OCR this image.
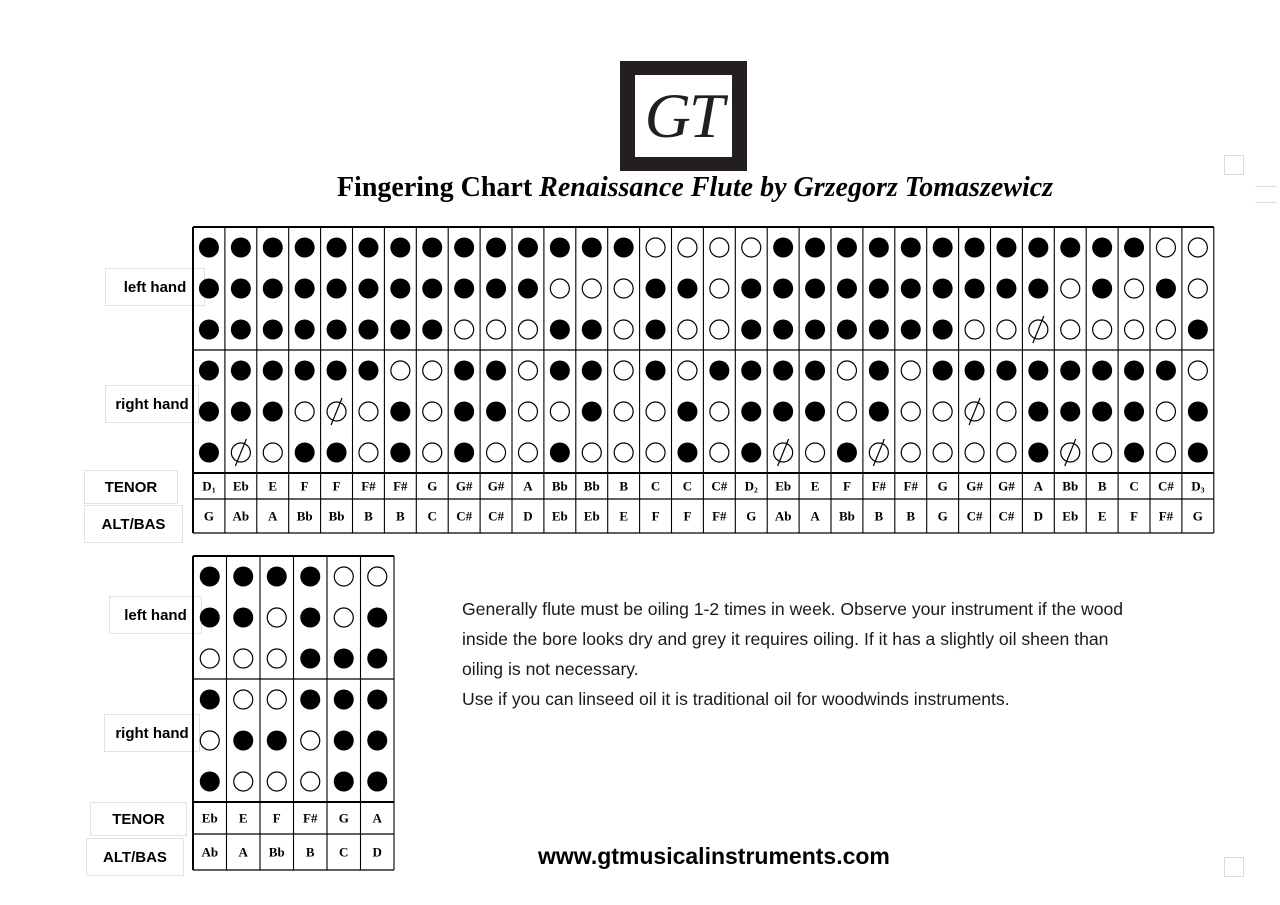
GT
Fingering Chart Renaissance Flute by Grzegorz Tomaszewicz
left hand
right hand
TENOR
ALT/BAS
D1 Eb E F F F# F# G G# G# A Bb Bb B C C C# D2 Eb E F F# F# G G# G# A Bb B C C# D3
G Ab A Bb Bb B B C C# C# D Eb Eb E F F F# G Ab A Bb B B G C# C# D Eb E F F# G
left hand
right hand
TENOR
ALT/BAS
Eb E F F# G A
Ab A Bb B C D

Generally flute must be oiling 1-2 times in week. Observe your instrument if the wood

inside the bore looks dry and grey it requires oiling. If it has a slightly oil sheen than

oiling is not necessary.

Use if you can linseed oil it is traditional oil for woodwinds instruments.

www.gtmusicalinstruments.com
